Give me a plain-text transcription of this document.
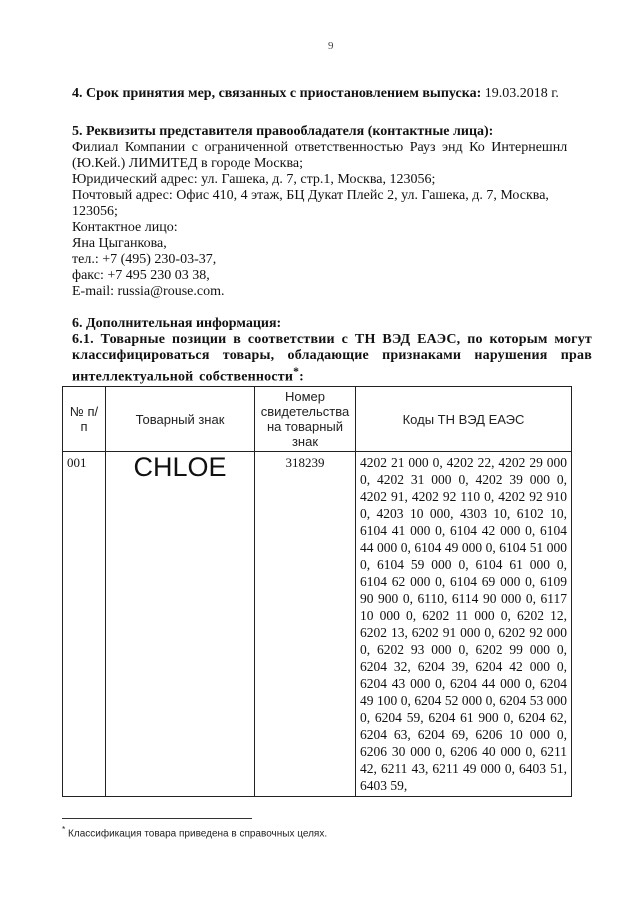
9
4. Срок принятия мер, связанных с приостановлением выпуска: 19.03.2018 г.
5. Реквизиты представителя правообладателя (контактные лица):
Филиал Компании с ограниченной ответственностью Рауз энд Ко Интернешнл
(Ю.Кей.) ЛИМИТЕД в городе Москва;
Юридический адрес: ул. Гашека, д. 7, стр.1, Москва, 123056;
Почтовый адрес: Офис 410, 4 этаж, БЦ Дукат Плейс 2, ул. Гашека, д. 7, Москва,
123056;
Контактное лицо:
Яна Цыганкова,
тел.: +7 (495) 230-03-37,
факс: +7 495 230 03 38,
E-mail: russia@rouse.com.
6. Дополнительная информация:
6.1. Товарные позиции в соответствии с ТН ВЭД ЕАЭС, по которым могут классифицироваться товары, обладающие признаками нарушения прав интеллектуальной собственности*:
№ п/п	Товарный знак	Номер свидетельства на товарный знак	Коды ТН ВЭД ЕАЭС
001	CHLOE	318239	4202 21 000 0, 4202 22, 4202 29 000 0, 4202 31 000 0, 4202 39 000 0, 4202 91, 4202 92 110 0, 4202 92 910 0, 4203 10 000, 4303 10, 6102 10, 6104 41 000 0, 6104 42 000 0, 6104 44 000 0, 6104 49 000 0, 6104 51 000 0, 6104 59 000 0, 6104 61 000 0, 6104 62 000 0, 6104 69 000 0, 6109 90 900 0, 6110, 6114 90 000 0, 6117 10 000 0, 6202 11 000 0, 6202 12, 6202 13, 6202 91 000 0, 6202 92 000 0, 6202 93 000 0, 6202 99 000 0, 6204 32, 6204 39, 6204 42 000 0, 6204 43 000 0, 6204 44 000 0, 6204 49 100 0, 6204 52 000 0, 6204 53 000 0, 6204 59, 6204 61 900 0, 6204 62, 6204 63, 6204 69, 6206 10 000 0, 6206 30 000 0, 6206 40 000 0, 6211 42, 6211 43, 6211 49 000 0, 6403 51, 6403 59,
* Классификация товара приведена в справочных целях.
